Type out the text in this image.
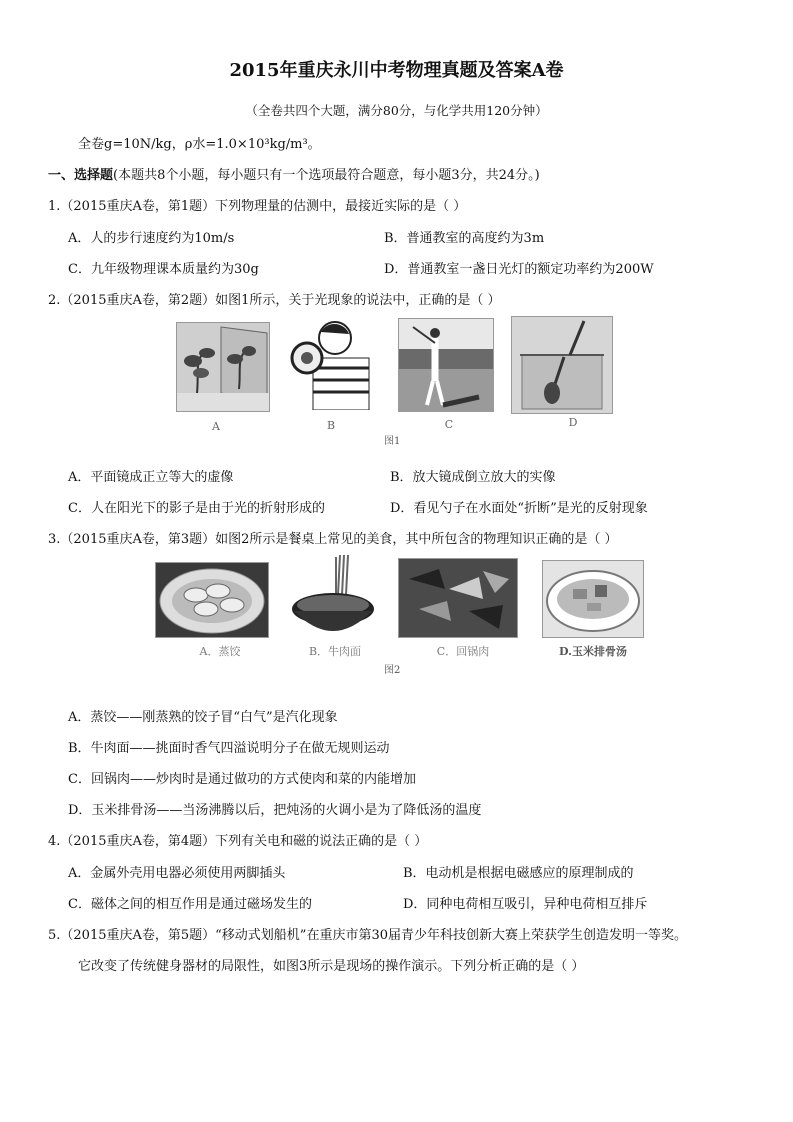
2015年重庆永川中考物理真题及答案A卷
（全卷共四个大题，满分80分，与化学共用120分钟）
全卷g=10N/kg，ρ水=1.0×10³kg/m³。
一、选择题(本题共8个小题，每小题只有一个选项最符合题意，每小题3分，共24分。)
1.（2015重庆A卷，第1题）下列物理量的估测中，最接近实际的是（ ）
A．人的步行速度约为10m/s	B．普通教室的高度约为3m
C．九年级物理课本质量约为30g	D．普通教室一盏日光灯的额定功率约为200W
2.（2015重庆A卷，第2题）如图1所示，关于光现象的说法中，正确的是（ ）
A	B	C	D
图1
A．平面镜成正立等大的虚像	B．放大镜成倒立放大的实像
C．人在阳光下的影子是由于光的折射形成的	D．看见勺子在水面处“折断”是光的反射现象
3.（2015重庆A卷，第3题）如图2所示是餐桌上常见的美食，其中所包含的物理知识正确的是（ ）
A．蒸饺	B．牛肉面	C．回锅肉	D.玉米排骨汤
图2
A．蒸饺——刚蒸熟的饺子冒“白气”是汽化现象
B．牛肉面——挑面时香气四溢说明分子在做无规则运动
C．回锅肉——炒肉时是通过做功的方式使肉和菜的内能增加
D．玉米排骨汤——当汤沸腾以后，把炖汤的火调小是为了降低汤的温度
4.（2015重庆A卷，第4题）下列有关电和磁的说法正确的是（ ）
A．金属外壳用电器必须使用两脚插头	B．电动机是根据电磁感应的原理制成的
C．磁体之间的相互作用是通过磁场发生的	D．同种电荷相互吸引，异种电荷相互排斥
5.（2015重庆A卷，第5题）“移动式划船机”在重庆市第30届青少年科技创新大赛上荣获学生创造发明一等奖。
它改变了传统健身器材的局限性，如图3所示是现场的操作演示。下列分析正确的是（ ）
